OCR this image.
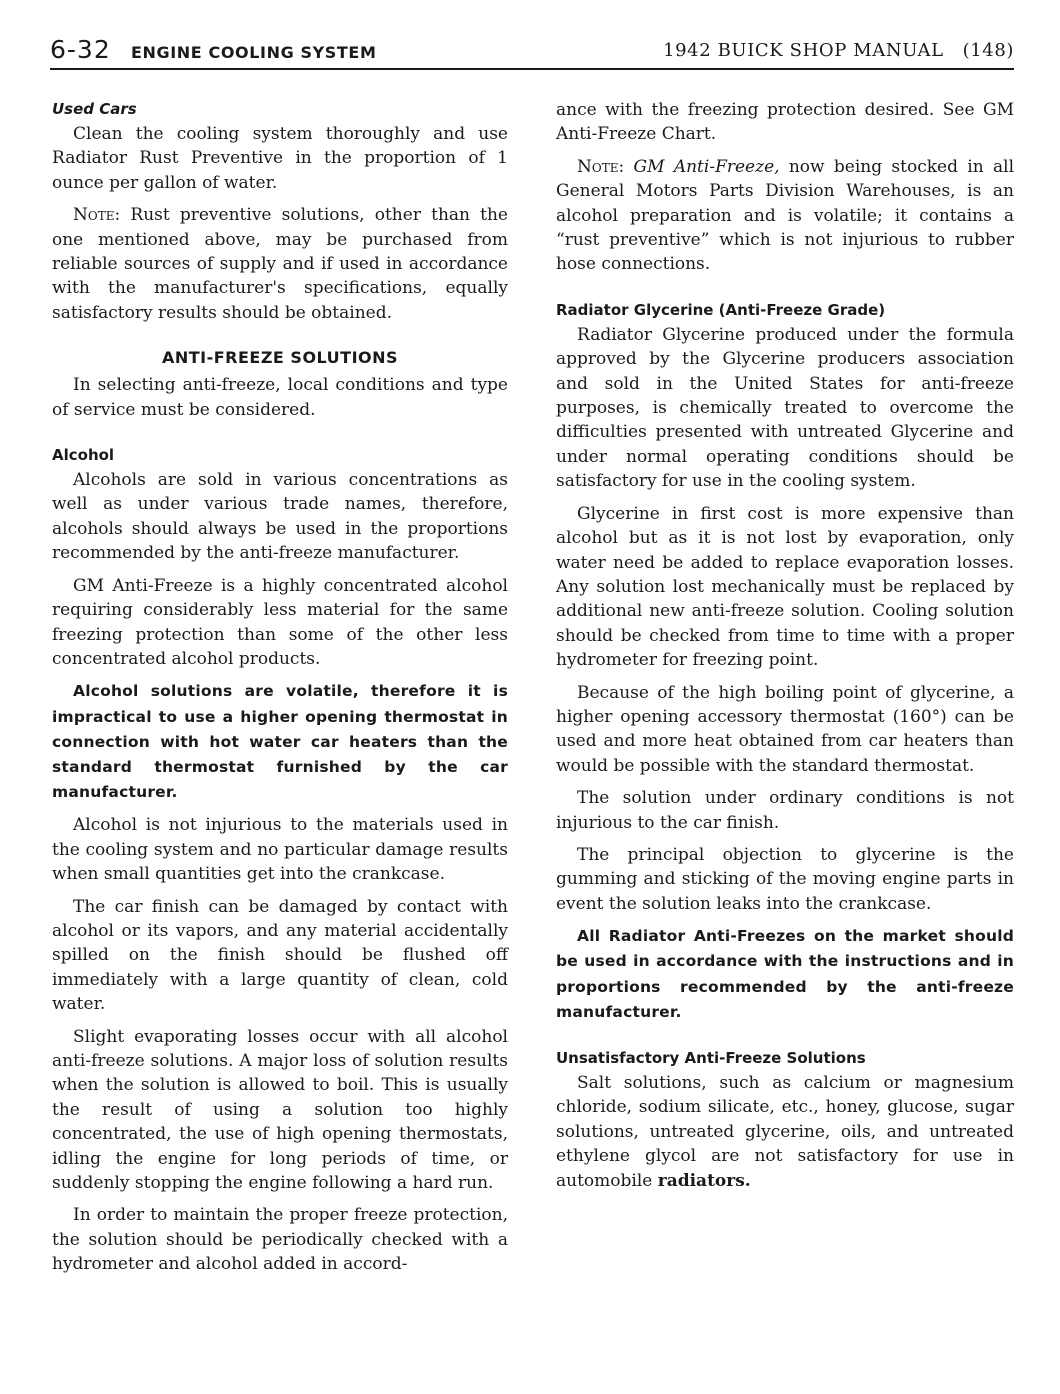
6-32 ENGINE COOLING SYSTEM	1942 BUICK SHOP MANUAL (148)
Used Cars

Clean the cooling system thoroughly and use Radiator Rust Preventive in the proportion of 1 ounce per gallon of water.

Note: Rust preventive solutions, other than the one mentioned above, may be purchased from reliable sources of supply and if used in accordance with the manufacturer's specifications, equally satisfactory results should be obtained.

ANTI-FREEZE SOLUTIONS

In selecting anti-freeze, local conditions and type of service must be considered.

Alcohol

Alcohols are sold in various concentrations as well as under various trade names, therefore, alcohols should always be used in the proportions recommended by the anti-freeze manufacturer.

GM Anti-Freeze is a highly concentrated alcohol requiring considerably less material for the same freezing protection than some of the other less concentrated alcohol products.

Alcohol solutions are volatile, therefore it is impractical to use a higher opening thermostat in connection with hot water car heaters than the standard thermostat furnished by the car manufacturer.

Alcohol is not injurious to the materials used in the cooling system and no particular damage results when small quantities get into the crankcase.

The car finish can be damaged by contact with alcohol or its vapors, and any material accidentally spilled on the finish should be flushed off immediately with a large quantity of clean, cold water.

Slight evaporating losses occur with all alcohol anti-freeze solutions. A major loss of solution results when the solution is allowed to boil. This is usually the result of using a solution too highly concentrated, the use of high opening thermostats, idling the engine for long periods of time, or suddenly stopping the engine following a hard run.

In order to maintain the proper freeze protection, the solution should be periodically checked with a hydrometer and alcohol added in accord-

ance with the freezing protection desired. See GM Anti-Freeze Chart.

Note: GM Anti-Freeze, now being stocked in all General Motors Parts Division Warehouses, is an alcohol preparation and is volatile; it contains a “rust preventive” which is not injurious to rubber hose connections.

Radiator Glycerine (Anti-Freeze Grade)

Radiator Glycerine produced under the formula approved by the Glycerine producers association and sold in the United States for anti-freeze purposes, is chemically treated to overcome the difficulties presented with untreated Glycerine and under normal operating conditions should be satisfactory for use in the cooling system.

Glycerine in first cost is more expensive than alcohol but as it is not lost by evaporation, only water need be added to replace evaporation losses. Any solution lost mechanically must be replaced by additional new anti-freeze solution. Cooling solution should be checked from time to time with a proper hydrometer for freezing point.

Because of the high boiling point of glycerine, a higher opening accessory thermostat (160°) can be used and more heat obtained from car heaters than would be possible with the standard thermostat.

The solution under ordinary conditions is not injurious to the car finish.

The principal objection to glycerine is the gumming and sticking of the moving engine parts in event the solution leaks into the crankcase.

All Radiator Anti-Freezes on the market should be used in accordance with the instructions and in proportions recommended by the anti-freeze manufacturer.

Unsatisfactory Anti-Freeze Solutions

Salt solutions, such as calcium or magnesium chloride, sodium silicate, etc., honey, glucose, sugar solutions, untreated glycerine, oils, and untreated ethylene glycol are not satisfactory for use in automobile radiators.
